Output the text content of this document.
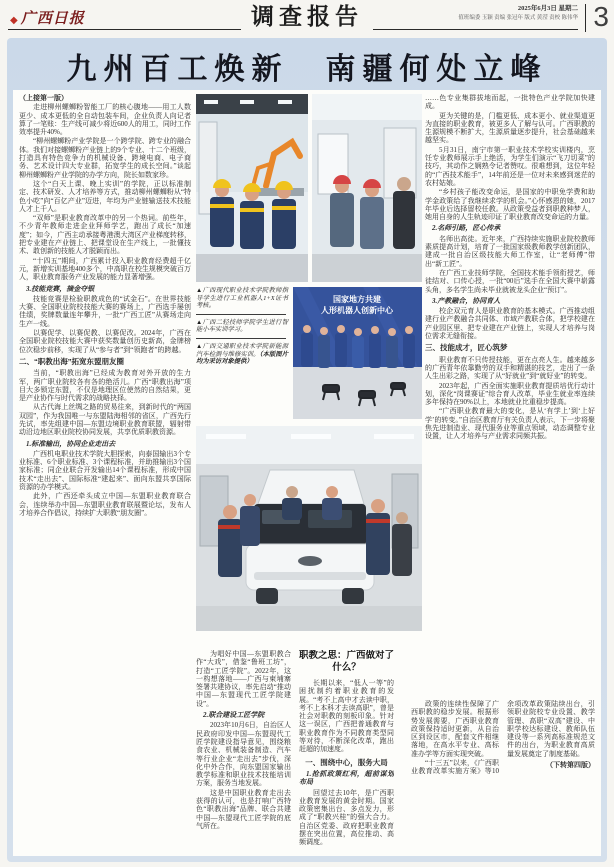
◆ 广西日报	调查报告	2025年6月3日 星期二
值班编委 玉颖 责编 张冠年 版式 黄滢 责校 陈伟华 3
九州百工焕新　南疆何处立峰

（上接第一版）

走进柳州螺蛳粉智能工厂的核心腹地——用工人数更少、成本更低的全自动包装车间，企业负责人向记者算了一笔账：生产线可减少将近600人的用工，同时工作效率提升40%。

“柳州螺蛳粉产业学院是一个跨学院、跨专业的融合体。我们对接螺蛳粉产业链上的9个专业、十二个班级，打造具有特色竞争力的机械设备、跨境电商、电子商务、艺术设计四大专业群，拓宽学生的成长空间。”谈起柳州螺蛳粉产业学院的办学方向，院长如数家珍。

这个“白天上课、晚上实训”的学院，正以标准制定、技术研发、人才培养等方式，推动柳州螺蛳粉从“特色小吃”向“百亿产业”迈进，年均为产业链输送技术技能人才上千人。

“双师”是职业教育改革中的另一个热词。前些年，不少青年教师走进企业拜师学艺，跑出了成长“加速度”；如今，广西主动承接粤港澳大湾区产业梯度转移，把专业建在产业链上、把课堂设在生产线上，一批懂技术、敢创新的技能人才脱颖而出。

“十四五”期间，广西累计投入职业教育经费超千亿元，新增实训基地400多个，中高职在校生规模突破百万人，职业教育服务产业发展的能力显著增强。

3.技能竞赛，摘金夺银

技能竞赛是检验职教成色的“试金石”。在世界技能大赛、全国职业院校技能大赛的赛场上，广西选手屡创佳绩，奖牌数量连年攀升，一批“广西工匠”从赛场走向生产一线。

以赛促学、以赛促教、以赛促改。2024年，广西在全国职业院校技能大赛中获奖数量创历史新高，金牌榜位次稳步前移，实现了从“参与者”到“领跑者”的跨越。

二、“职教出海”拓宽东盟朋友圈

当前，“职教出海”已经成为教育对外开放的生力军，两广职业院校各有各的绝活儿。广西“职教出海”项目大多锁定东盟，不仅是地理区位使然的自然结果，更是产业协作与时代需求的战略抉择。

从古代海上丝绸之路的贸易往来，到新时代的“两国双园”，作为我国唯一与东盟陆海相邻的省区，广西先行先试，率先组建中国—东盟边境职业教育联盟，辐射带动沿边地区职业院校协同发展，共享优质职教资源。

1.标准输出，协同企业走出去

广西机电职业技术学院大胆探索，向泰国输出3个专业标准、6个职业标准、3个课程标准，并助推输出3个国家标准；同企业联合开发输出14个课程标准，形成中国技术“走出去”、国际标准“建起来”、面向东盟共享国际资源的办学模式。

此外，广西还牵头成立中国—东盟职业教育联合会，连续举办中国—东盟职业教育联展暨论坛，发布人才培养合作倡议，持续扩大职教“朋友圈”。

▲广西现代职业技术学院教师指导学生进行工业机器人1+X证书考核。

▲广西二轻技师学院学生进行智能小车实训学习。

▲广西交通职业技术学院新能源汽车检测与维修实训。（本版图片均为采访对象提供）

国家地方共建
人形机器人创新中心

……色专业集群拔地而起，一批特色产业学院加快建成。

更为关键的是，门槛更低、成本更小、就业渠道更为直接的职业教育，被更多人了解与认可。广西职教的生源规模不断扩大，生源质量逐步提升，社会基础越来越坚实。

5月31日，南宁市第一职业技术学校实训楼内，烹饪专业教师展示手上绝活，为学生们演示“飞刀切菜”的技巧，其动作之娴熟令记者赞叹。很难想到，这位年轻的“广西技术能手”，14年前还是一位对未来感到迷茫的农村姑娘。

“乡村孩子能改变命运，是国家的中职免学费和助学金政策给了我继续求学的机会。”心怀感恩的她，2017年毕业后选择留校任教。从政策受益者到职教种梦人，她用自身的人生轨迹印证了职业教育改变命运的力量。

2.名师引路，匠心传承

名师出高徒。近年来，广西持续实施职业院校教师素质提高计划，培育了一批国家级教师教学创新团队，建成一批自治区级技能大师工作室，让“老师傅”带出“新工匠”。

在广西工业技师学院，全国技术能手领衔授艺，师徒结对、口传心授，一批“00后”选手在全国大赛中崭露头角，多名学生尚未毕业就被龙头企业“预订”。

3.产教融合，协同育人

校企双元育人是职业教育的基本模式。广西推动组建行业产教融合共同体、市域产教联合体，把学校建在产业园区里、把专业建在产业链上，实现人才培养与岗位需求无缝衔接。

三、技能成才，匠心筑梦

职业教育不只传授技能，更在点亮人生。越来越多的广西青年依靠勤劳的双手和精湛的技艺，走出了一条人生出彩之路，实现了从“好就业”到“就好业”的转变。

2023年起，广西全面实施职业教育提质培优行动计划，深化“岗课赛证”综合育人改革，毕业生就业率连续多年保持在90%以上，本地就业比重稳步提高。

“广西职业教育最大的变化，是从‘有学上’到‘上好学’的转变。”自治区教育厅有关负责人表示，下一步将聚焦先进制造业、现代服务业等重点领域，动态调整专业设置，让人才培养与产业需求同频共振。

为唱好中国—东盟职教合作“大戏”，借鉴“鲁班工坊”，打造“工匠学院”。2022年，这一构想落地——广西与柬埔寨签署共建协议，率先启动“推动中国—东盟现代工匠学院建设”。

2.联合建设工匠学院

2023年10月6日，自治区人民政府印发中国—东盟现代工匠学院建设指导意见，围绕粮食农业、机械装备制造、汽车等行业企业“走出去”步伐，深化中外合作，向东盟国家输出教学标准和职业技术技能培训方案，服务当地发展。

这是中国职业教育走出去获得的认可，也是打响广西特色“职教出海”品牌、联合共建中国—东盟现代工匠学院的底气所在。

职教之思：广西做对了什么？

长期以来，“低人一等”的困扰制约着职业教育的发展。“考不上高中才去读中职，考不上本科才去读高职”，曾是社会对职教的刻板印象。针对这一误区，广西把普通教育与职业教育作为不同教育类型同等对待，不断深化改革，跑出赶超的加速度。

一、围绕中心，服务大局

1.抢抓政策红利，超前谋划布局

回望过去10年，是广西职业教育发展的黄金时期。国家政策密集出台、多点发力，形成了“职教兴桂”的强大合力。自治区党委、政府把职业教育摆在突出位置，高位推动、高频调度。

政策的连续性保障了广西职教的稳步发展。根据形势发展需要，广西职业教育政策保持适时更新，从自治区到设区市，配套文件相继落地，在高水平专业、高标准办学等方面实现突破。

“十三五”以来，《广西职业教育改革实施方案》等10余项改革政策陆续出台，引领职业院校专业设置、教学管理、高职“双高”建设、中职学校达标建设、教师队伍建设等一系列高标准规范文件的出台，为职业教育高质量发展奠定了制度基础。

（下转第四版）
